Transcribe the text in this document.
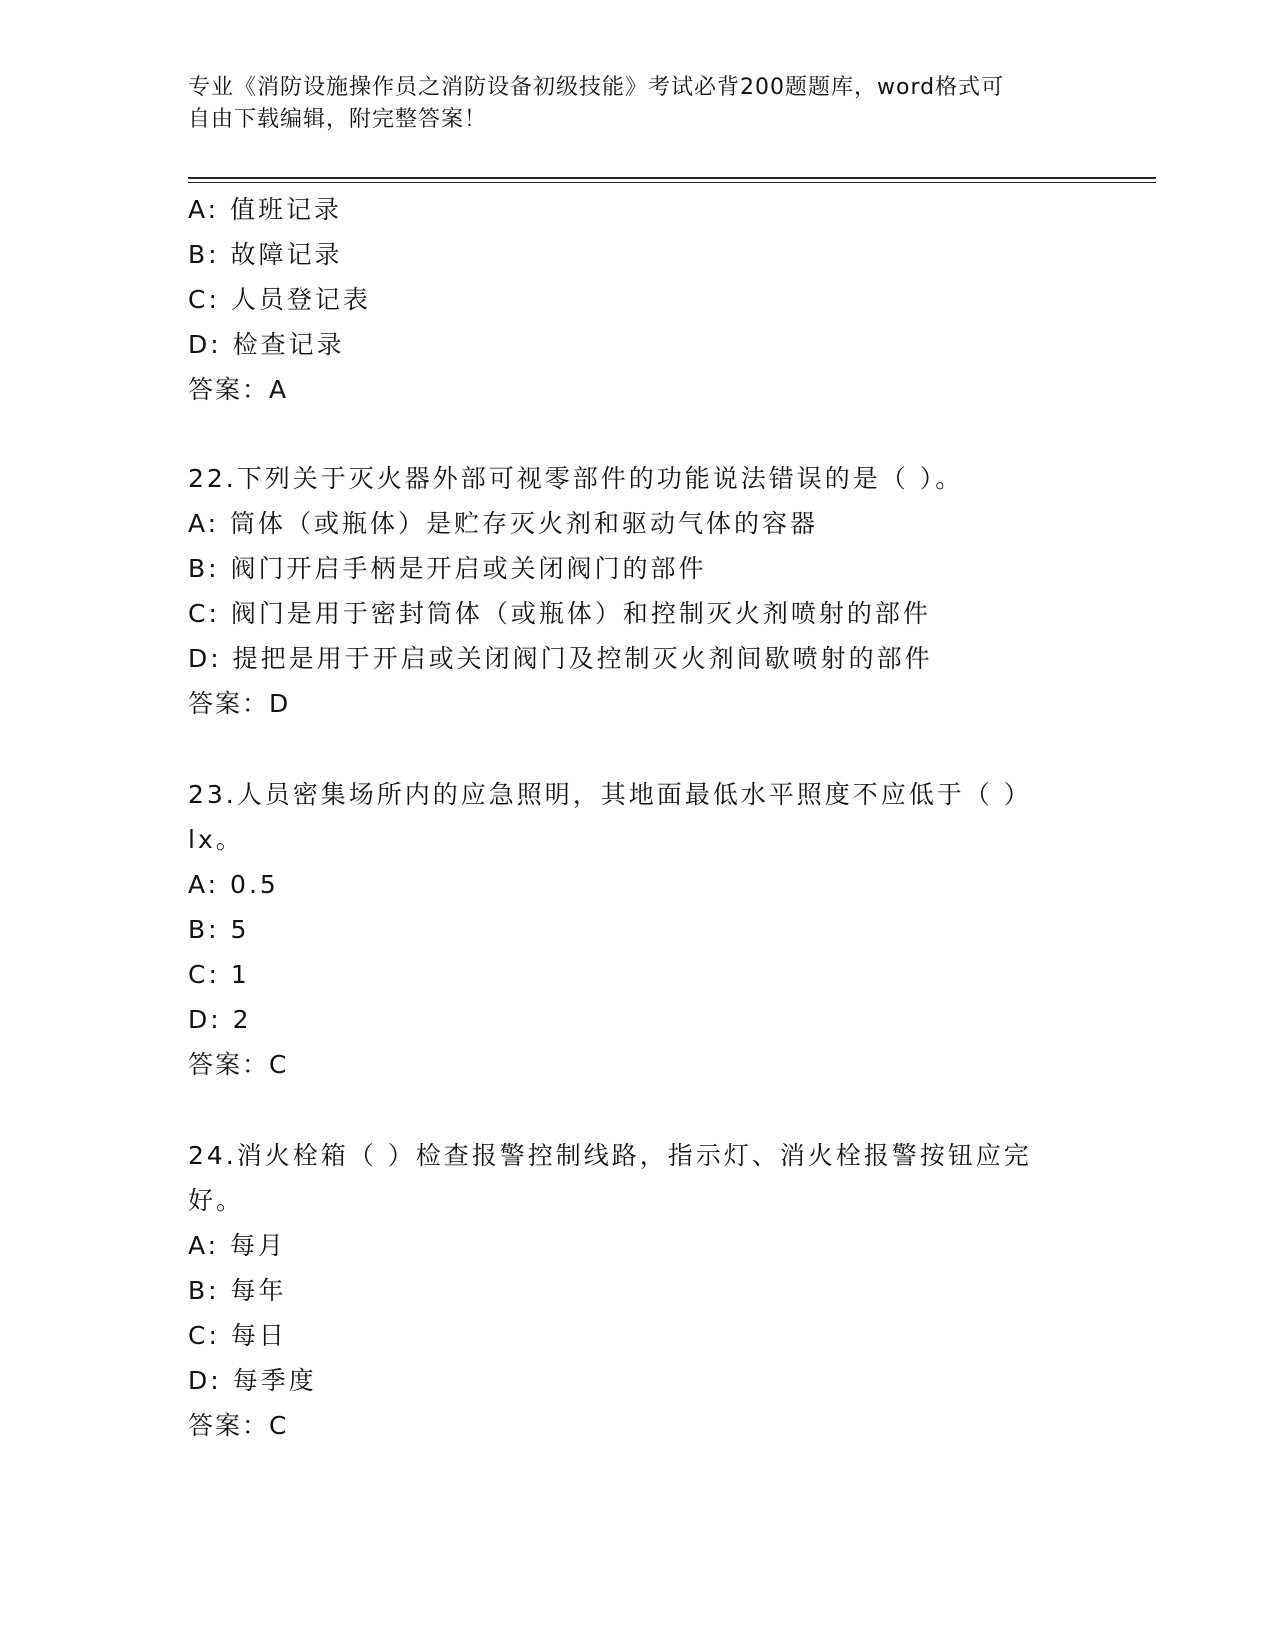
专业《消防设施操作员之消防设备初级技能》考试必背200题题库，word格式可
自由下载编辑，附完整答案！
A: 值班记录
B: 故障记录
C: 人员登记表
D: 检查记录
答案：A
22.下列关于灭火器外部可视零部件的功能说法错误的是（ ）。
A: 筒体（或瓶体）是贮存灭火剂和驱动气体的容器
B: 阀门开启手柄是开启或关闭阀门的部件
C: 阀门是用于密封筒体（或瓶体）和控制灭火剂喷射的部件
D: 提把是用于开启或关闭阀门及控制灭火剂间歇喷射的部件
答案：D
23.人员密集场所内的应急照明，其地面最低水平照度不应低于（ ）
lx。
A: 0.5
B: 5
C: 1
D: 2
答案：C
24.消火栓箱（ ）检查报警控制线路，指示灯、消火栓报警按钮应完
好。
A: 每月
B: 每年
C: 每日
D: 每季度
答案：C
